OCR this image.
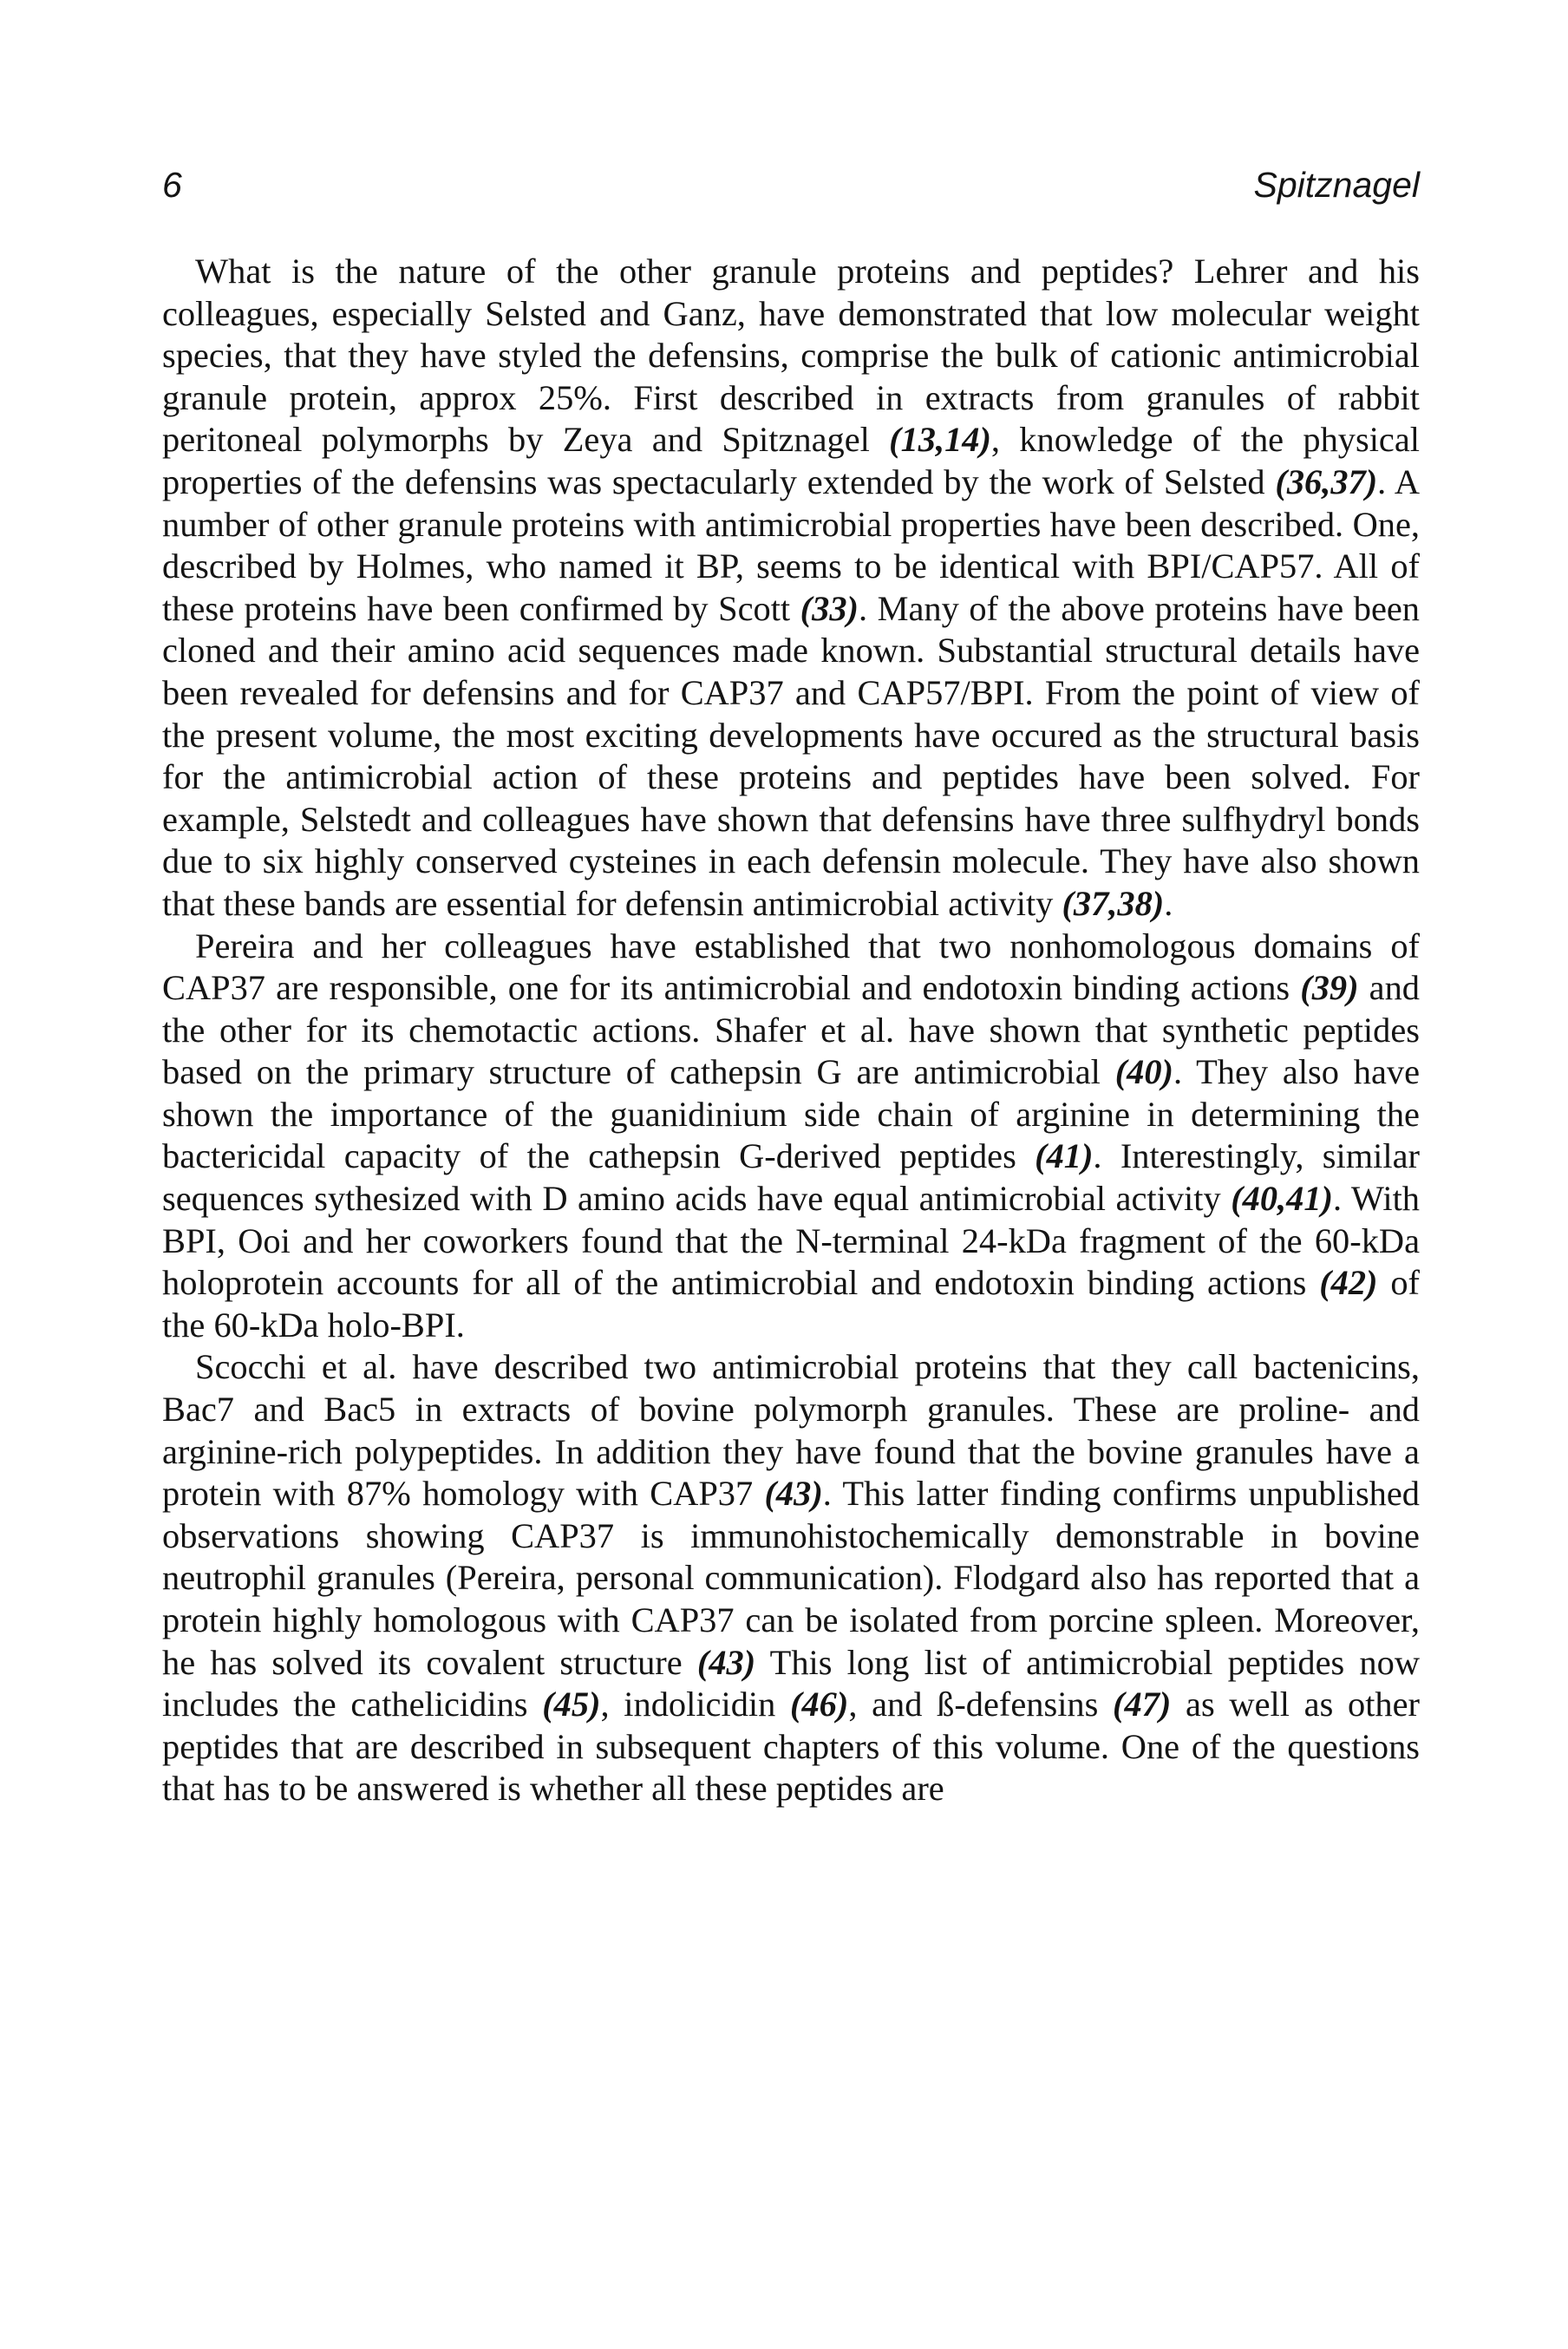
6	Spitznagel

What is the nature of the other granule proteins and peptides? Lehrer and his colleagues, especially Selsted and Ganz, have demonstrated that low molecular weight species, that they have styled the defensins, comprise the bulk of cationic antimicrobial granule protein, approx 25%. First described in extracts from granules of rabbit peritoneal polymorphs by Zeya and Spitznagel (13,14), knowledge of the physical properties of the defensins was spectacularly extended by the work of Selsted (36,37). A number of other granule proteins with antimicrobial properties have been described. One, described by Holmes, who named it BP, seems to be identical with BPI/CAP57. All of these proteins have been confirmed by Scott (33). Many of the above proteins have been cloned and their amino acid sequences made known. Substantial structural details have been revealed for defensins and for CAP37 and CAP57/BPI. From the point of view of the present volume, the most exciting developments have occured as the structural basis for the antimicrobial action of these proteins and peptides have been solved. For example, Selstedt and colleagues have shown that defensins have three sulfhydryl bonds due to six highly conserved cysteines in each defensin molecule. They have also shown that these bands are essential for defensin antimicrobial activity (37,38).

Pereira and her colleagues have established that two nonhomologous domains of CAP37 are responsible, one for its antimicrobial and endotoxin binding actions (39) and the other for its chemotactic actions. Shafer et al. have shown that synthetic peptides based on the primary structure of cathepsin G are antimicrobial (40). They also have shown the importance of the guanidinium side chain of arginine in determining the bactericidal capacity of the cathepsin G-derived peptides (41). Interestingly, similar sequences sythesized with D amino acids have equal antimicrobial activity (40,41). With BPI, Ooi and her coworkers found that the N-terminal 24-kDa fragment of the 60-kDa holoprotein accounts for all of the antimicrobial and endotoxin binding actions (42) of the 60-kDa holo-BPI.

Scocchi et al. have described two antimicrobial proteins that they call bactenicins, Bac7 and Bac5 in extracts of bovine polymorph granules. These are proline- and arginine-rich polypeptides. In addition they have found that the bovine granules have a protein with 87% homology with CAP37 (43). This latter finding confirms unpublished observations showing CAP37 is immunohistochemically demonstrable in bovine neutrophil granules (Pereira, personal communication). Flodgard also has reported that a protein highly homologous with CAP37 can be isolated from porcine spleen. Moreover, he has solved its covalent structure (43) This long list of antimicrobial peptides now includes the cathelicidins (45), indolicidin (46), and ß-defensins (47) as well as other peptides that are described in subsequent chapters of this volume. One of the questions that has to be answered is whether all these peptides are
